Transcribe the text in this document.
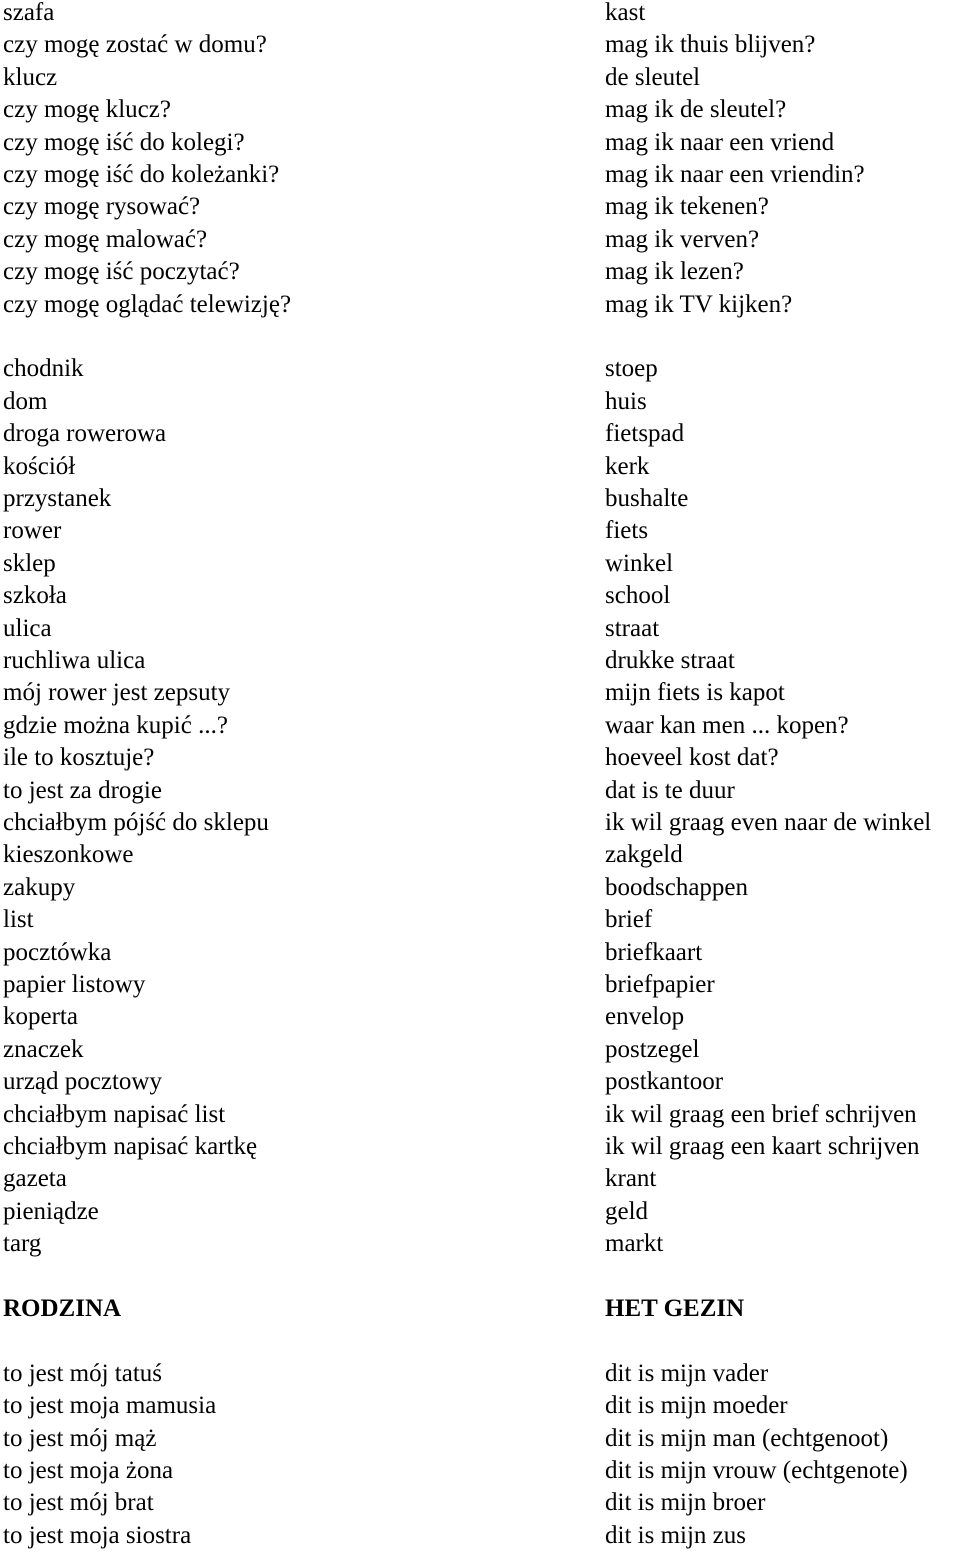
szafa	kast
czy mogę zostać w domu?	mag ik thuis blijven?
klucz	de sleutel
czy mogę klucz?	mag ik de sleutel?
czy mogę iść do kolegi?	mag ik naar een vriend
czy mogę iść do koleżanki?	mag ik naar een vriendin?
czy mogę rysować?	mag ik tekenen?
czy mogę malować?	mag ik verven?
czy mogę iść poczytać?	mag ik lezen?
czy mogę oglądać telewizję?	mag ik TV kijken?
chodnik	stoep
dom	huis
droga rowerowa	fietspad
kościół	kerk
przystanek	bushalte
rower	fiets
sklep	winkel
szkoła	school
ulica	straat
ruchliwa ulica	drukke straat
mój rower jest zepsuty	mijn fiets is kapot
gdzie można kupić ...?	waar kan men ... kopen?
ile to kosztuje?	hoeveel kost dat?
to jest za drogie	dat is te duur
chciałbym pójść do sklepu	ik wil graag even naar de winkel
kieszonkowe	zakgeld
zakupy	boodschappen
list	brief
pocztówka	briefkaart
papier listowy	briefpapier
koperta	envelop
znaczek	postzegel
urząd pocztowy	postkantoor
chciałbym napisać list	ik wil graag een brief schrijven
chciałbym napisać kartkę	ik wil graag een kaart schrijven
gazeta	krant
pieniądze	geld
targ	markt
RODZINA	HET GEZIN
to jest mój tatuś	dit is mijn vader
to jest moja mamusia	dit is mijn moeder
to jest mój mąż	dit is mijn man (echtgenoot)
to jest moja żona	dit is mijn vrouw (echtgenote)
to jest mój brat	dit is mijn broer
to jest moja siostra	dit is mijn zus
